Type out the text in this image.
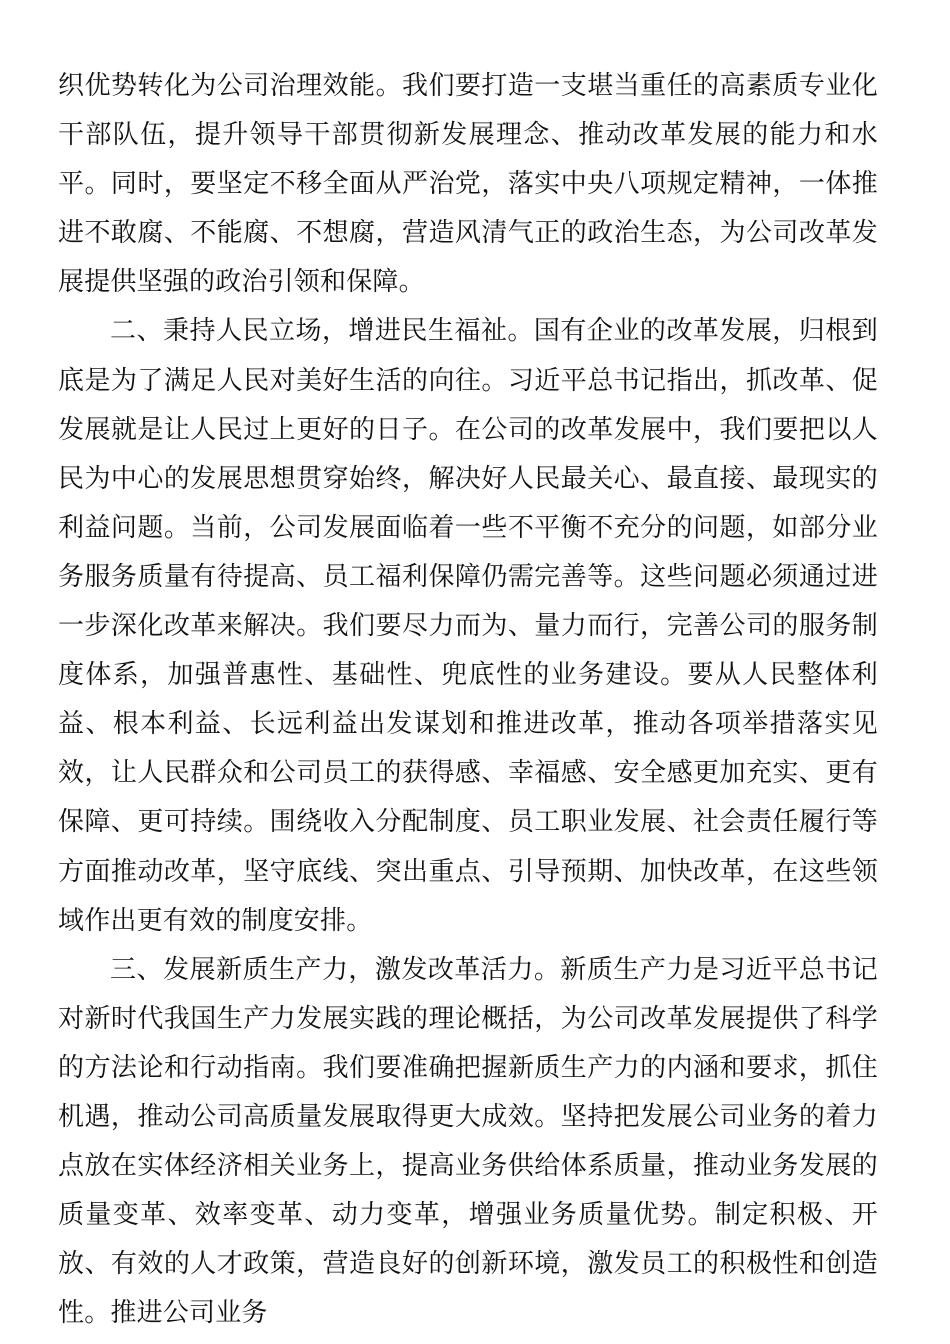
织优势转化为公司治理效能。我们要打造一支堪当重任的高素质专业化干部队伍，提升领导干部贯彻新发展理念、推动改革发展的能力和水平。同时，要坚定不移全面从严治党，落实中央八项规定精神，一体推进不敢腐、不能腐、不想腐，营造风清气正的政治生态，为公司改革发展提供坚强的政治引领和保障。

二、秉持人民立场，增进民生福祉。国有企业的改革发展，归根到底是为了满足人民对美好生活的向往。习近平总书记指出，抓改革、促发展就是让人民过上更好的日子。在公司的改革发展中，我们要把以人民为中心的发展思想贯穿始终，解决好人民最关心、最直接、最现实的利益问题。当前，公司发展面临着一些不平衡不充分的问题，如部分业务服务质量有待提高、员工福利保障仍需完善等。这些问题必须通过进一步深化改革来解决。我们要尽力而为、量力而行，完善公司的服务制度体系，加强普惠性、基础性、兜底性的业务建设。要从人民整体利益、根本利益、长远利益出发谋划和推进改革，推动各项举措落实见效，让人民群众和公司员工的获得感、幸福感、安全感更加充实、更有保障、更可持续。围绕收入分配制度、员工职业发展、社会责任履行等方面推动改革，坚守底线、突出重点、引导预期、加快改革，在这些领域作出更有效的制度安排。

三、发展新质生产力，激发改革活力。新质生产力是习近平总书记对新时代我国生产力发展实践的理论概括，为公司改革发展提供了科学的方法论和行动指南。我们要准确把握新质生产力的内涵和要求，抓住机遇，推动公司高质量发展取得更大成效。坚持把发展公司业务的着力点放在实体经济相关业务上，提高业务供给体系质量，推动业务发展的质量变革、效率变革、动力变革，增强业务质量优势。制定积极、开放、有效的人才政策，营造良好的创新环境，激发员工的积极性和创造性。推进公司业务
